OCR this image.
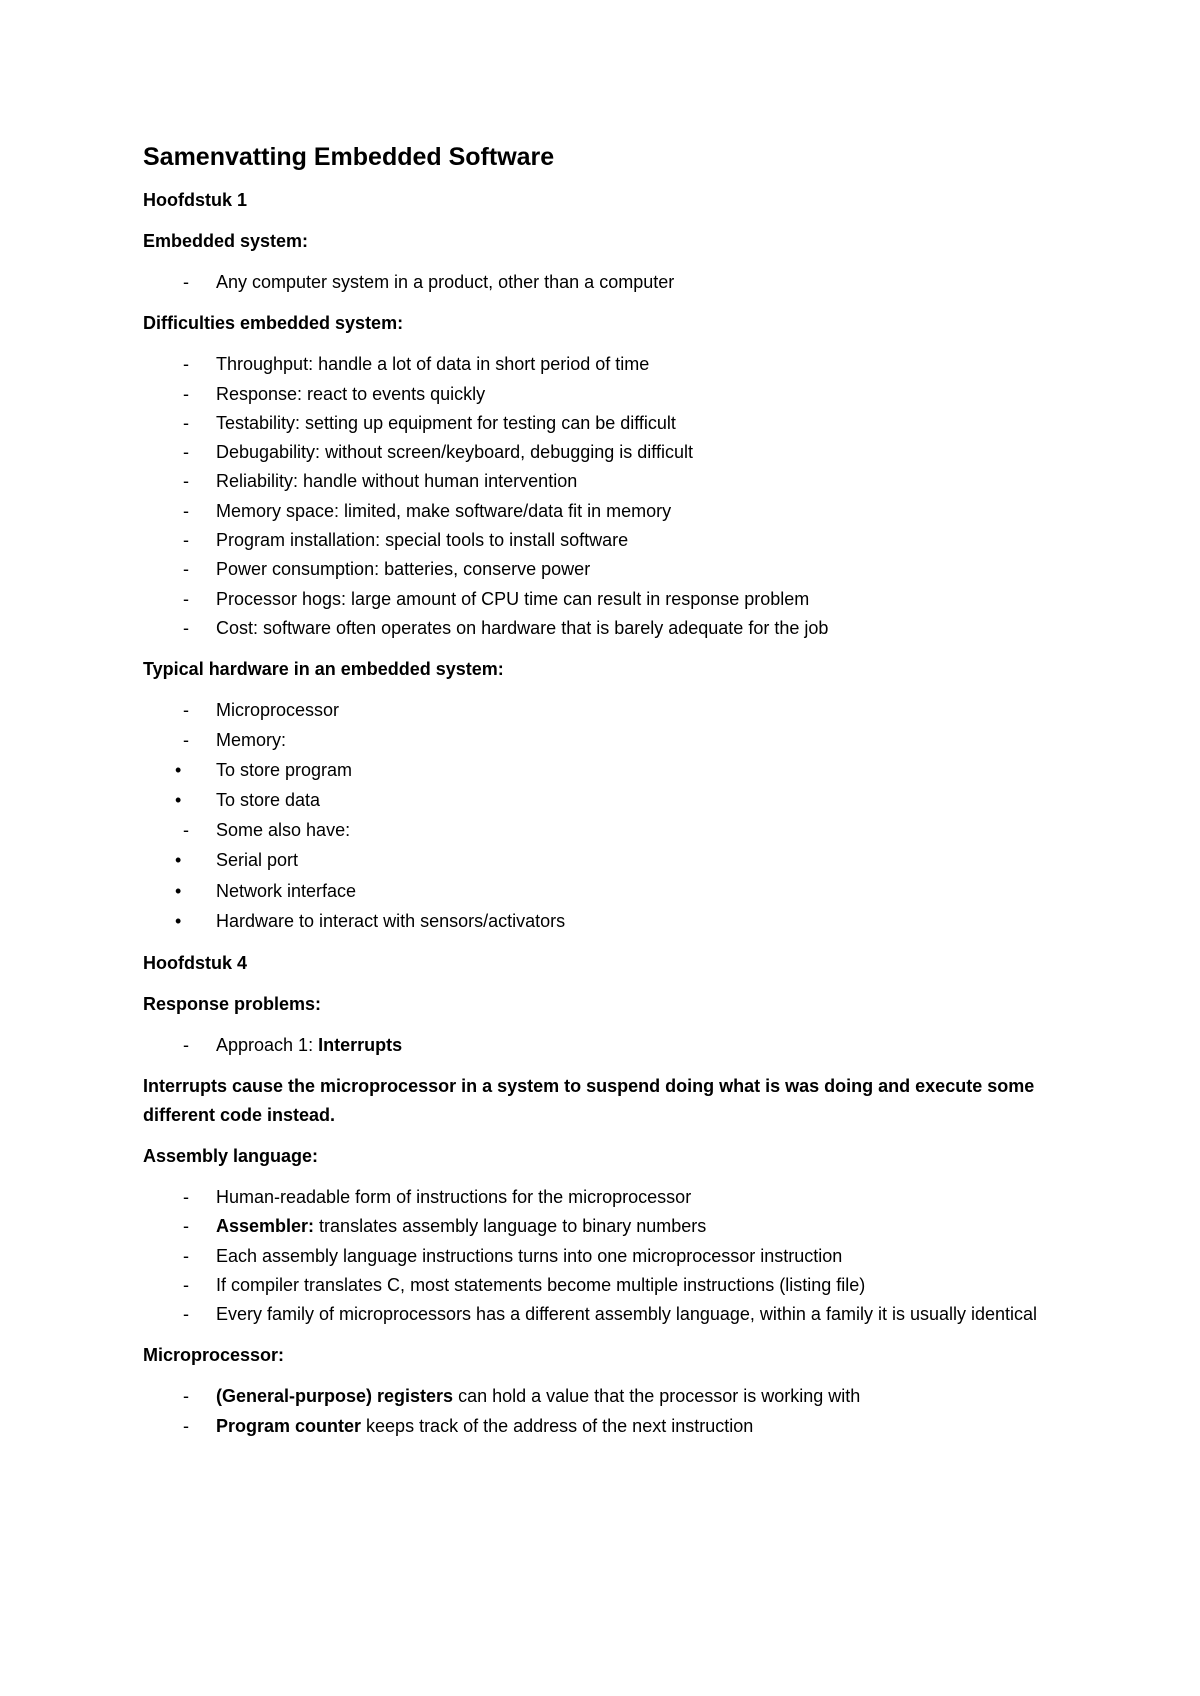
Samenvatting Embedded Software
Hoofdstuk 1
Embedded system:
- Any computer system in a product, other than a computer
Difficulties embedded system:
- Throughput: handle a lot of data in short period of time
- Response: react to events quickly
- Testability: setting up equipment for testing can be difficult
- Debugability: without screen/keyboard, debugging is difficult
- Reliability: handle without human intervention
- Memory space: limited, make software/data fit in memory
- Program installation: special tools to install software
- Power consumption: batteries, conserve power
- Processor hogs: large amount of CPU time can result in response problem
- Cost: software often operates on hardware that is barely adequate for the job
Typical hardware in an embedded system:
- Microprocessor
- Memory:
• To store program
• To store data
- Some also have:
• Serial port
• Network interface
• Hardware to interact with sensors/activators
Hoofdstuk 4
Response problems:
- Approach 1: Interrupts
Interrupts cause the microprocessor in a system to suspend doing what is was doing and execute some different code instead.
Assembly language:
- Human-readable form of instructions for the microprocessor
- Assembler: translates assembly language to binary numbers
- Each assembly language instructions turns into one microprocessor instruction
- If compiler translates C, most statements become multiple instructions (listing file)
- Every family of microprocessors has a different assembly language, within a family it is usually identical
Microprocessor:
- (General-purpose) registers can hold a value that the processor is working with
- Program counter keeps track of the address of the next instruction
